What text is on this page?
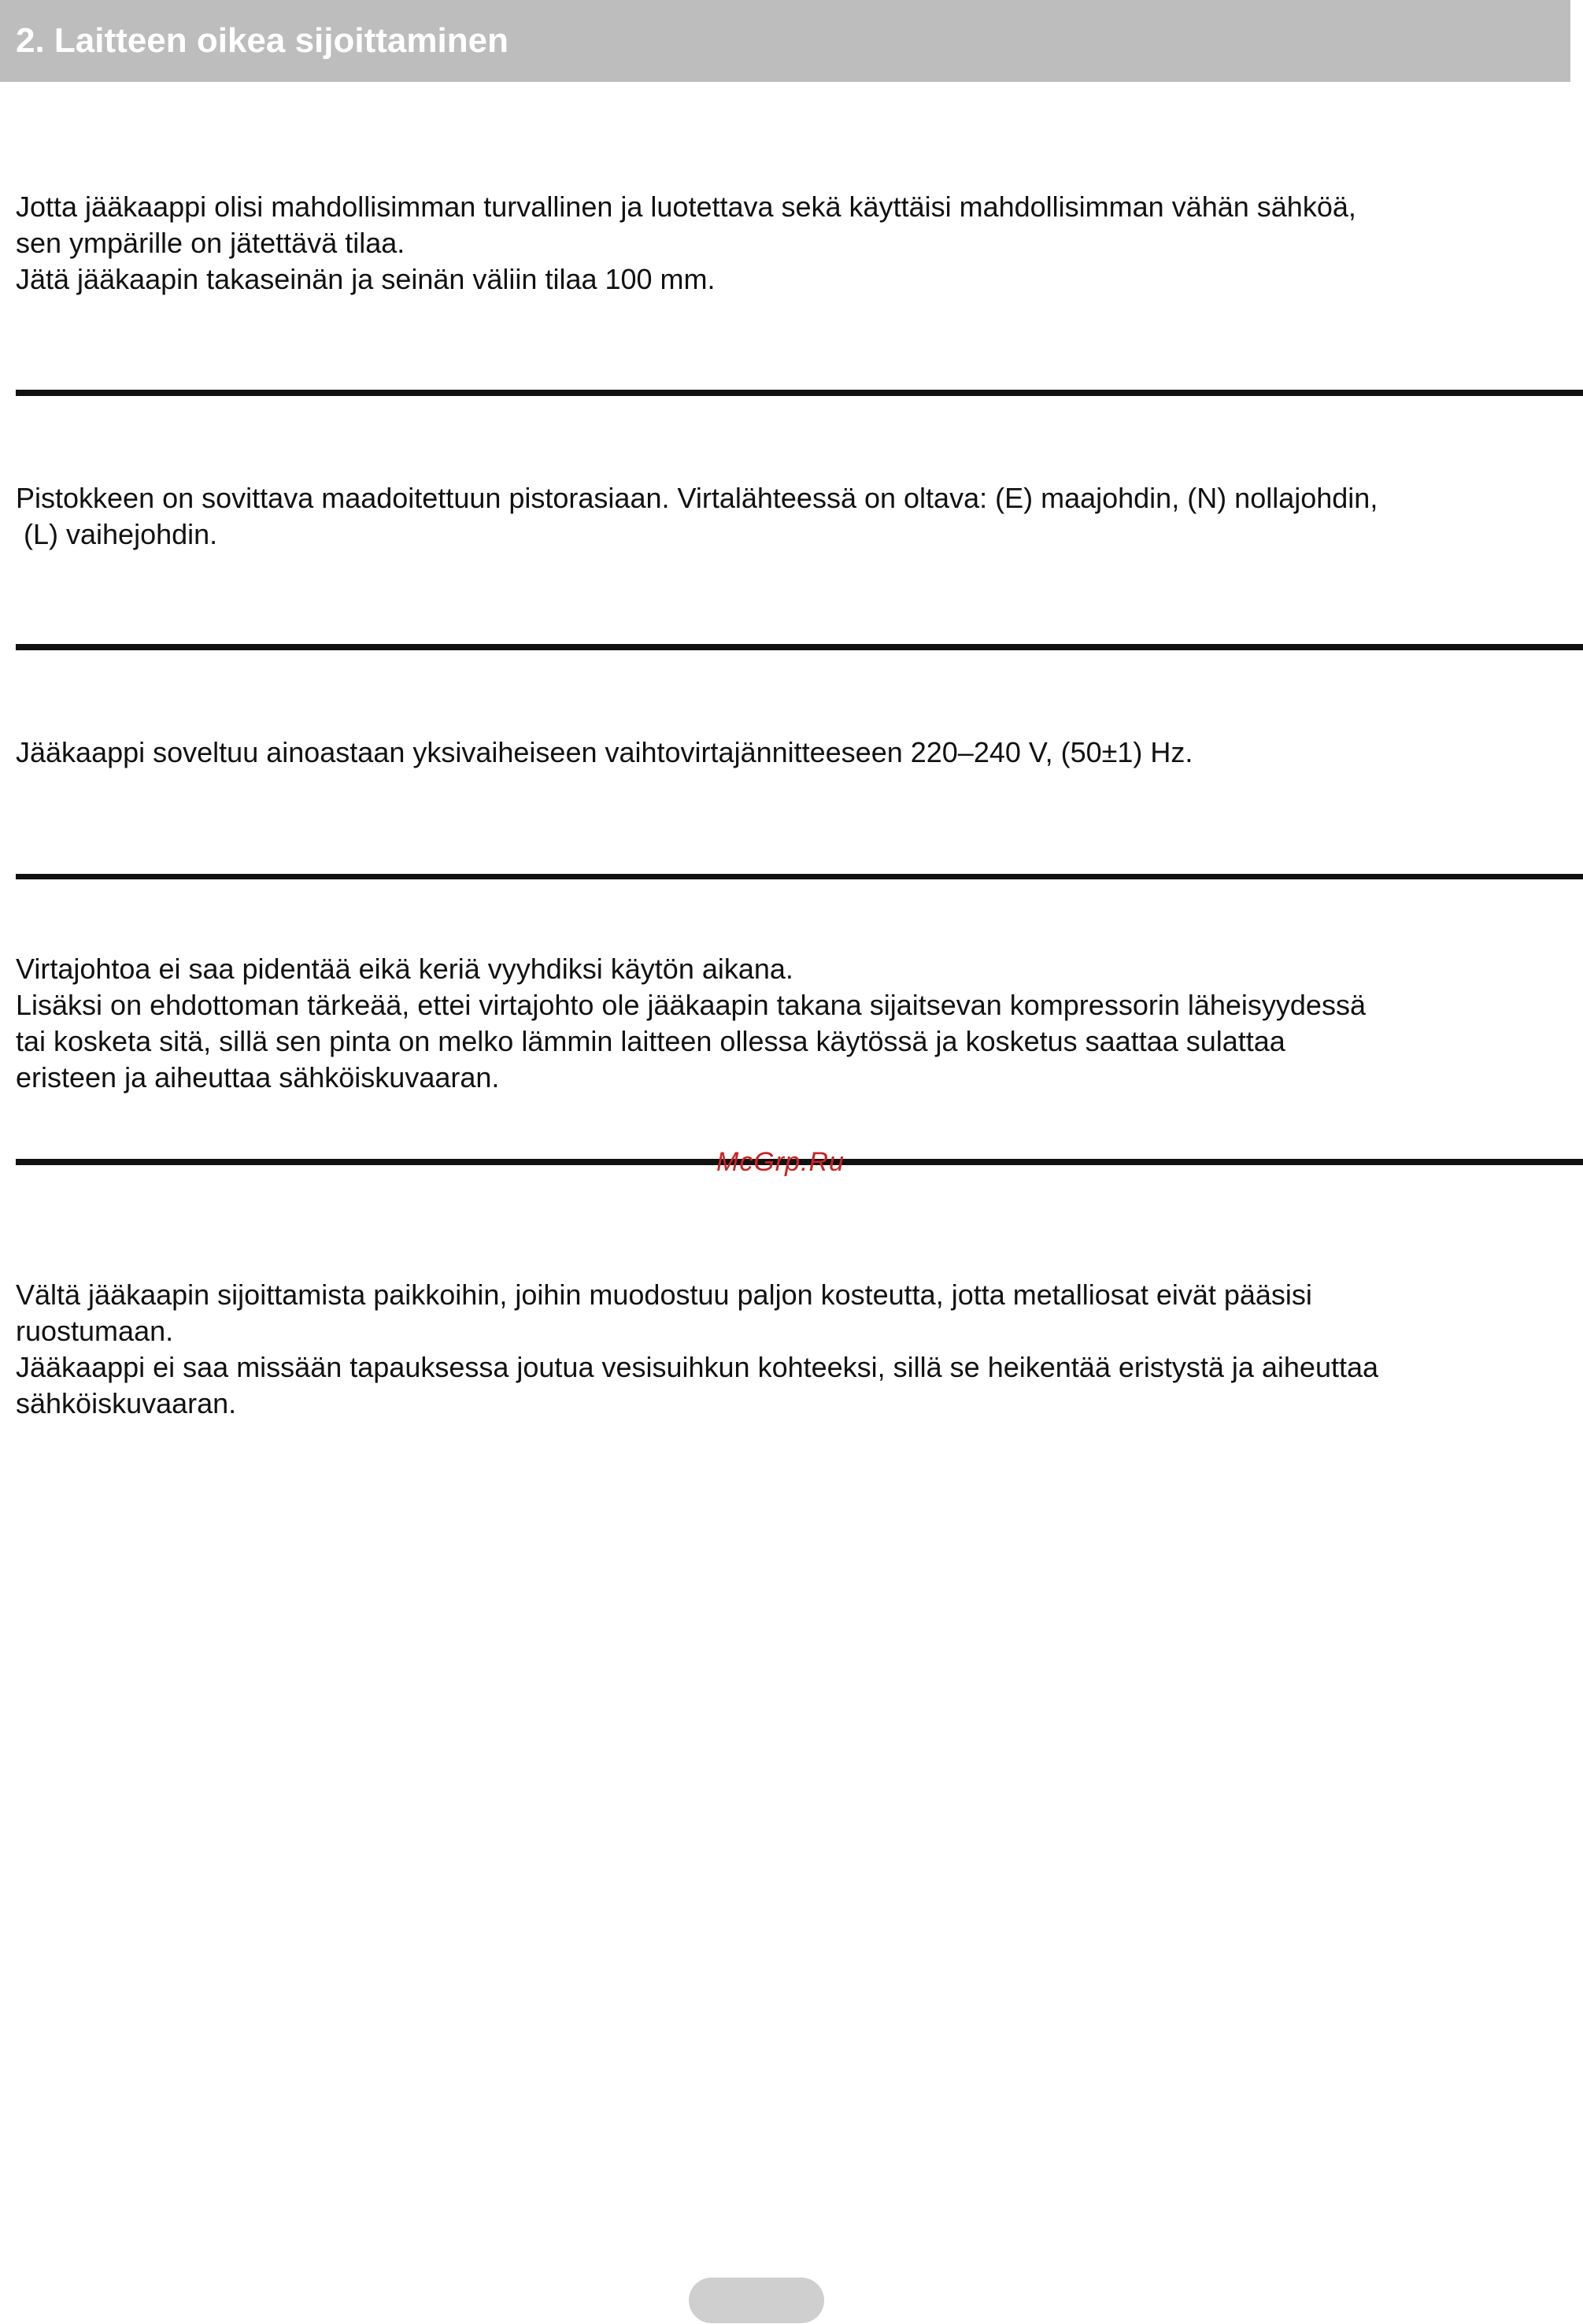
2. Laitteen oikea sijoittaminen
Jotta jääkaappi olisi mahdollisimman turvallinen ja luotettava sekä käyttäisi mahdollisimman vähän sähköä,
sen ympärille on jätettävä tilaa.
Jätä jääkaapin takaseinän ja seinän väliin tilaa 100 mm.
Pistokkeen on sovittava maadoitettuun pistorasiaan. Virtalähteessä on oltava: (E) maajohdin, (N) nollajohdin,
(L) vaihejohdin.
Jääkaappi soveltuu ainoastaan yksivaiheiseen vaihtovirtajännitteeseen 220–240 V, (50±1) Hz.
Virtajohtoa ei saa pidentää eikä keriä vyyhdiksi käytön aikana.
Lisäksi on ehdottoman tärkeää, ettei virtajohto ole jääkaapin takana sijaitsevan kompressorin läheisyydessä
tai kosketa sitä, sillä sen pinta on melko lämmin laitteen ollessa käytössä ja kosketus saattaa sulattaa
eristeen ja aiheuttaa sähköiskuvaaran.
McGrp.Ru
Vältä jääkaapin sijoittamista paikkoihin, joihin muodostuu paljon kosteutta, jotta metalliosat eivät pääsisi
ruostumaan.
Jääkaappi ei saa missään tapauksessa joutua vesisuihkun kohteeksi, sillä se heikentää eristystä ja aiheuttaa
sähköiskuvaaran.
